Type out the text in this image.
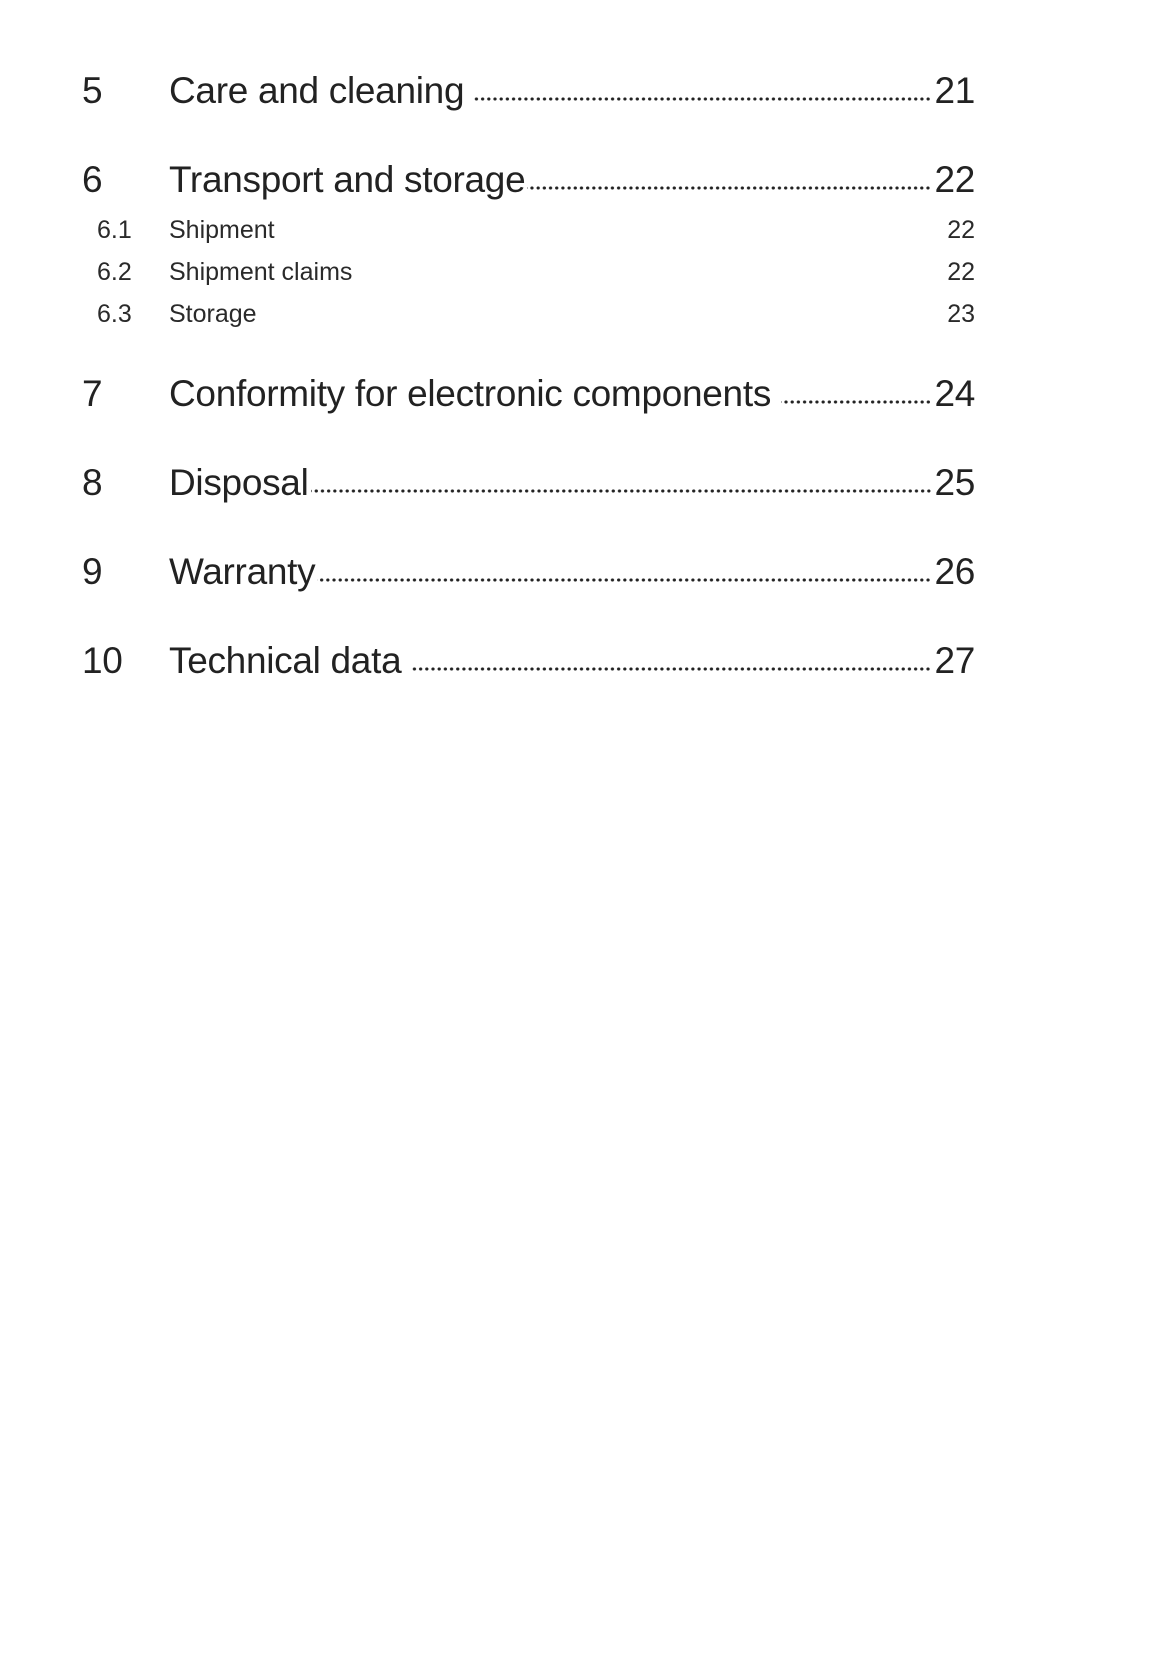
5	Care and cleaning	21
6	Transport and storage	22
6.1	Shipment	22
6.2	Shipment claims	22
6.3	Storage	23
7	Conformity for electronic components	24
8	Disposal	25
9	Warranty	26
10	Technical data	27
